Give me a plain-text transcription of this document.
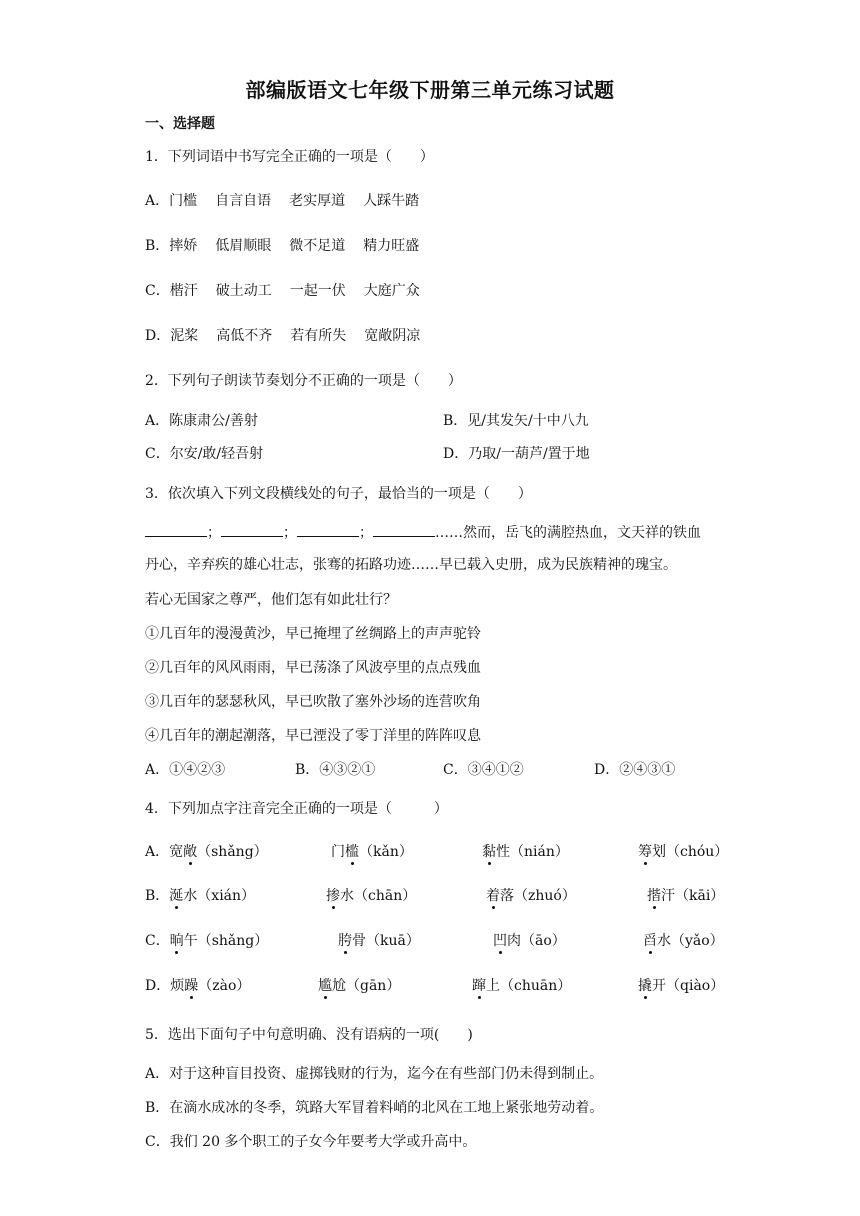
部编版语文七年级下册第三单元练习试题
一、选择题
1．下列词语中书写完全正确的一项是（　　）
A．门槛 自言自语 老实厚道 人踩牛踏
B．摔娇 低眉顺眼 微不足道 精力旺盛
C．楷汗 破土动工 一起一伏 大庭广众
D．泥桨 高低不齐 若有所失 宽敞阴凉
2．下列句子朗读节奏划分不正确的一项是（　　）
A．陈康肃公/善射	B．见/其发矢/十中八九
C．尔安/敢/轻吾射	D．乃取/一葫芦/置于地
3．依次填入下列文段横线处的句子，最恰当的一项是（　　）
；	；	；	……然而，岳飞的满腔热血，文天祥的铁血
丹心，辛弃疾的雄心壮志，张骞的拓路功迹……早已载入史册，成为民族精神的瑰宝。
若心无国家之尊严，他们怎有如此壮行？
①几百年的漫漫黄沙，早已掩埋了丝绸路上的声声驼铃
②几百年的风风雨雨，早已荡涤了风波亭里的点点残血
③几百年的瑟瑟秋风，早已吹散了塞外沙场的连营吹角
④几百年的潮起潮落，早已湮没了零丁洋里的阵阵叹息
A．①④②③	B．④③②①	C．③④①②	D．②④③①
4．下列加点字注音完全正确的一项是（　　　）
A．宽敞（shǎng）	门槛（kǎn）	黏性（nián）	筹划（chóu）
B．涎水（xián）	掺水（chān）	着落（zhuó）	揩汗（kāi）
C．晌午（shǎng）	胯骨（kuā）	凹肉（āo）	舀水（yǎo）
D．烦躁（zào）	尴尬（gān）	蹿上（chuān）	撬开（qiào）
5．选出下面句子中句意明确、没有语病的一项(　　)
A．对于这种盲目投资、虚掷钱财的行为，迄今在有些部门仍未得到制止。
B．在滴水成冰的冬季，筑路大军冒着料峭的北风在工地上紧张地劳动着。
C．我们 20 多个职工的子女今年要考大学或升高中。
